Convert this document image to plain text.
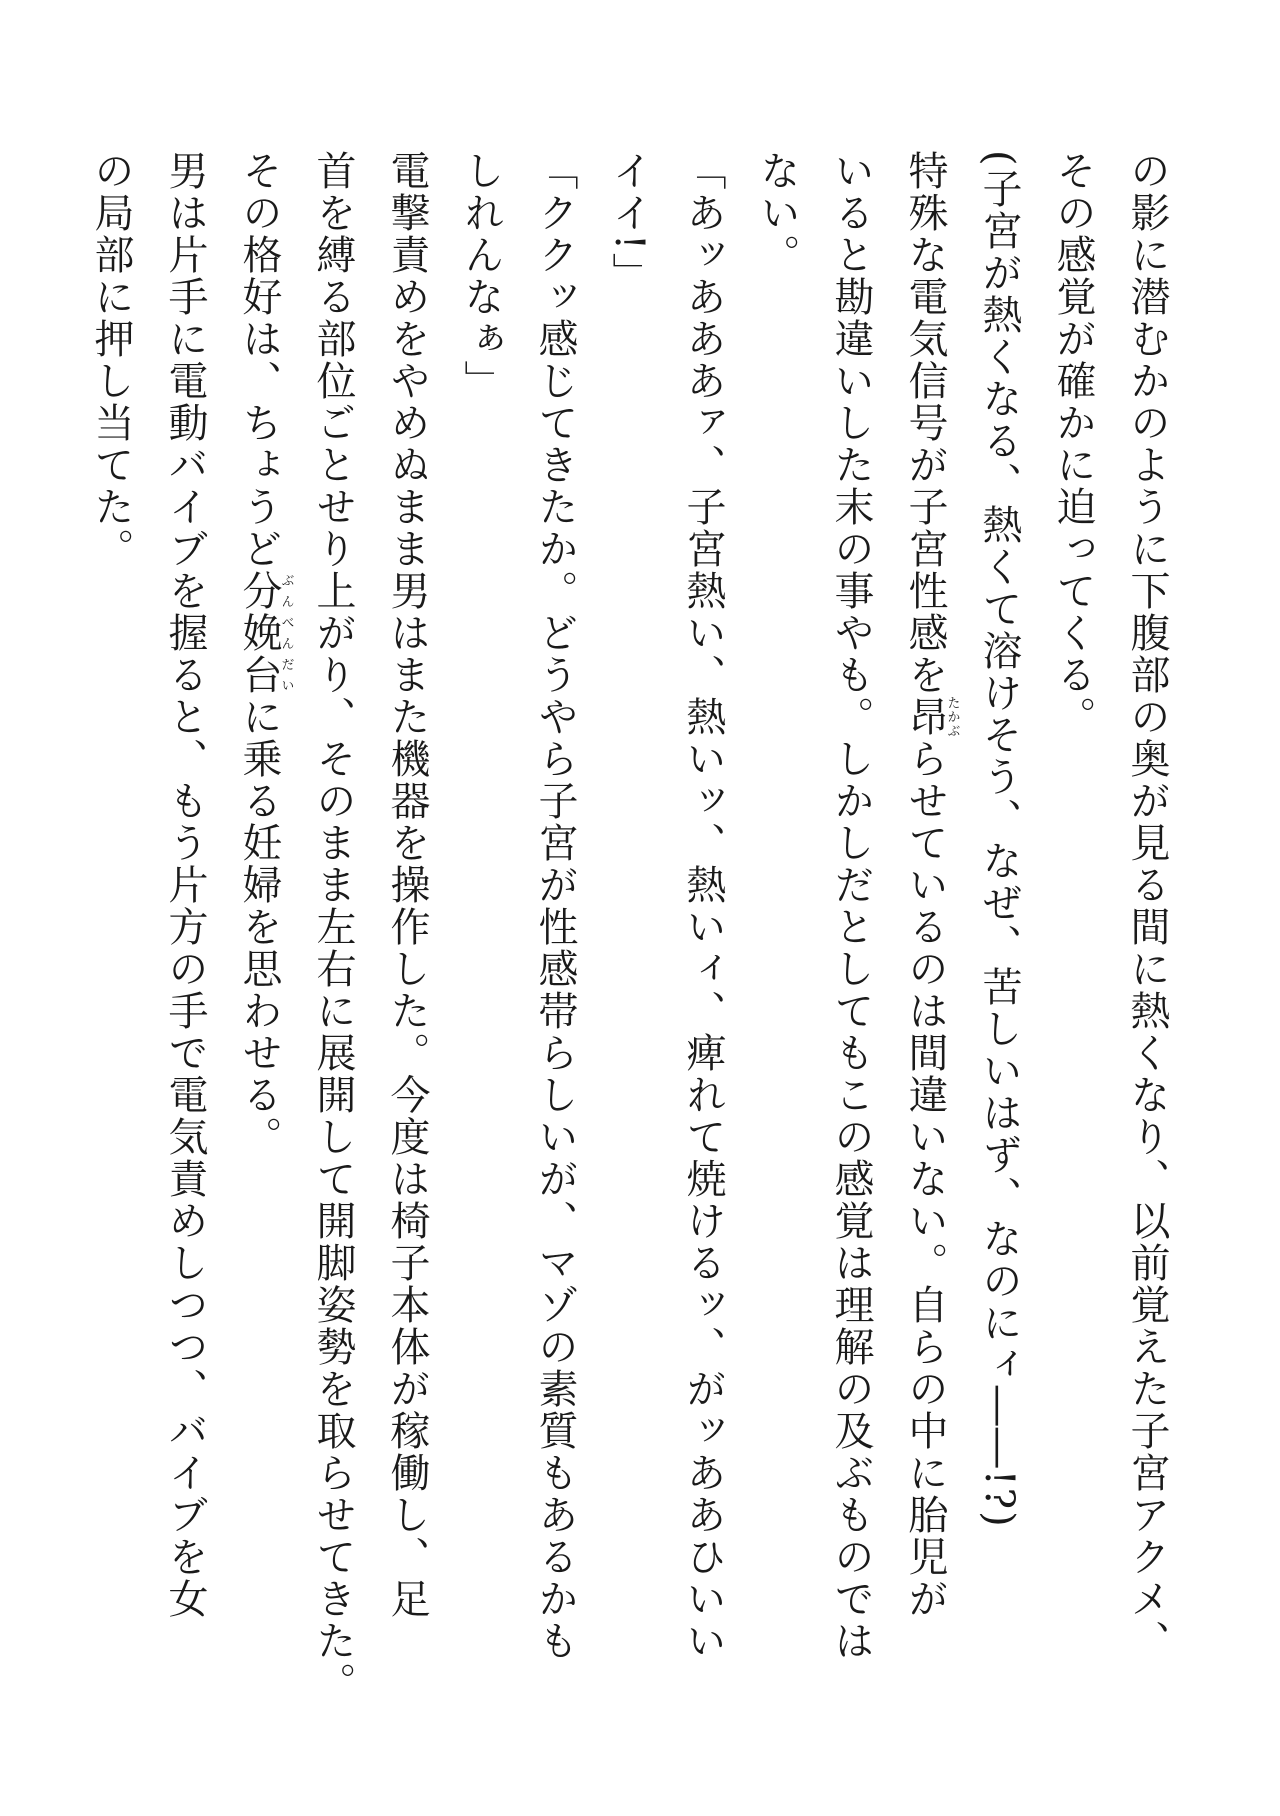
の影に潜むかのように下腹部の奥が見る間に熱くなり、以前覚えた子宮アクメ、
その感覚が確かに迫ってくる。
(子宮が熱くなる、熱くて溶けそう、なぜ、苦しいはず、なのにィ――!?)
特殊な電気信号が子宮性感を昂たかぶらせているのは間違いない。自らの中に胎児が
いると勘違いした末の事やも。しかしだとしてもこの感覚は理解の及ぶものでは
ない。
「あッあああァ、子宮熱い、熱いッ、熱いィ、痺れて焼けるッ、がッああひいい
イイ!」
「ククッ感じてきたか。どうやら子宮が性感帯らしいが、マゾの素質もあるかも
しれんなぁ」
電撃責めをやめぬまま男はまた機器を操作した。今度は椅子本体が稼働し、足
首を縛る部位ごとせり上がり、そのまま左右に展開して開脚姿勢を取らせてきた。
その格好は、ちょうど分娩台ぶんべんだいに乗る妊婦を思わせる。
男は片手に電動バイブを握ると、もう片方の手で電気責めしつつ、バイブを女
の局部に押し当てた。
